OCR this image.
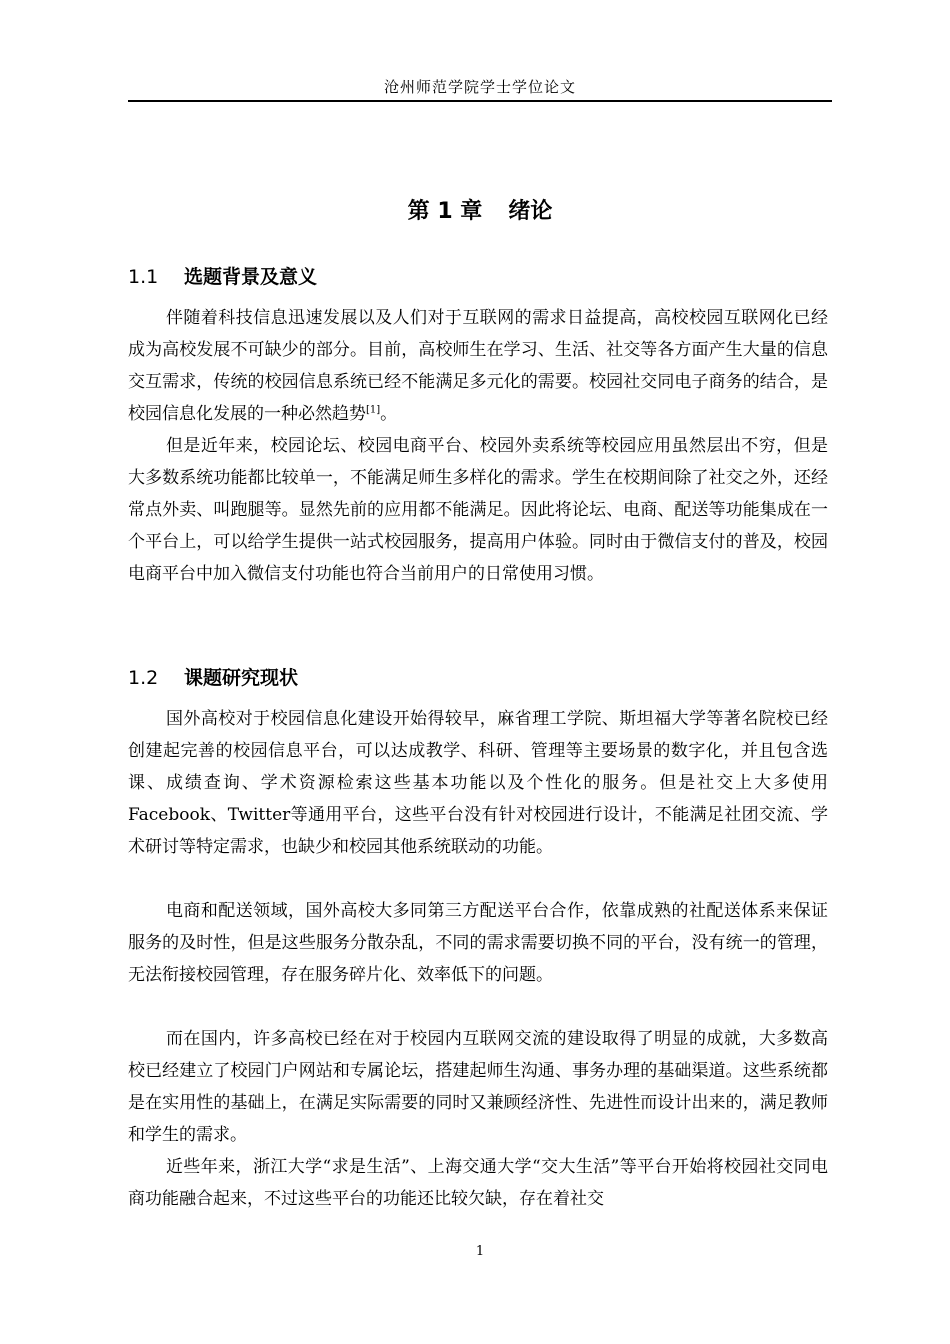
沧州师范学院学士学位论文
第 1 章 绪论
1.1 选题背景及意义

伴随着科技信息迅速发展以及人们对于互联网的需求日益提高，高校校园互联网化已经成为高校发展不可缺少的部分。目前，高校师生在学习、生活、社交等各方面产生大量的信息交互需求，传统的校园信息系统已经不能满足多元化的需要。校园社交同电子商务的结合，是校园信息化发展的一种必然趋势[1]。

但是近年来，校园论坛、校园电商平台、校园外卖系统等校园应用虽然层出不穷，但是大多数系统功能都比较单一，不能满足师生多样化的需求。学生在校期间除了社交之外，还经常点外卖、叫跑腿等。显然先前的应用都不能满足。因此将论坛、电商、配送等功能集成在一个平台上，可以给学生提供一站式校园服务，提高用户体验。同时由于微信支付的普及，校园电商平台中加入微信支付功能也符合当前用户的日常使用习惯。

1.2 课题研究现状

国外高校对于校园信息化建设开始得较早，麻省理工学院、斯坦福大学等著名院校已经创建起完善的校园信息平台，可以达成教学、科研、管理等主要场景的数字化，并且包含选课、成绩查询、学术资源检索这些基本功能以及个性化的服务。但是社交上大多使用Facebook、Twitter等通用平台，这些平台没有针对校园进行设计，不能满足社团交流、学术研讨等特定需求，也缺少和校园其他系统联动的功能。

电商和配送领域，国外高校大多同第三方配送平台合作，依靠成熟的社配送体系来保证服务的及时性，但是这些服务分散杂乱，不同的需求需要切换不同的平台，没有统一的管理，无法衔接校园管理，存在服务碎片化、效率低下的问题。

而在国内，许多高校已经在对于校园内互联网交流的建设取得了明显的成就，大多数高校已经建立了校园门户网站和专属论坛，搭建起师生沟通、事务办理的基础渠道。这些系统都是在实用性的基础上，在满足实际需要的同时又兼顾经济性、先进性而设计出来的，满足教师和学生的需求。

近些年来，浙江大学“求是生活”、上海交通大学“交大生活”等平台开始将校园社交同电商功能融合起来，不过这些平台的功能还比较欠缺，存在着社交

1
